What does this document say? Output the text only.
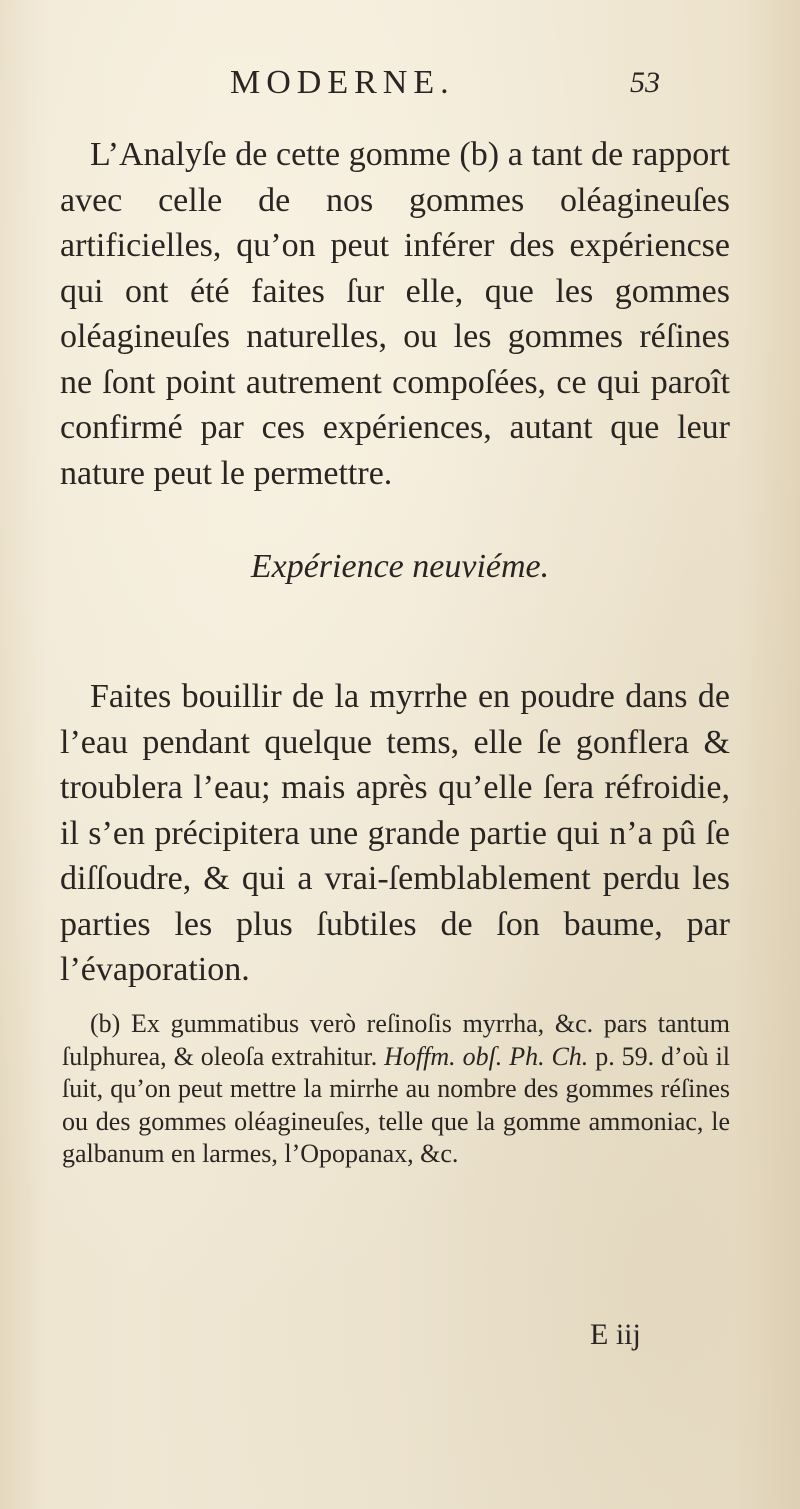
MODERNE.	53

L’Analyſe de cette gomme (b) a tant de rapport avec celle de nos gommes oléagineuſes artificielles, qu’on peut inférer des expériencse qui ont été faites ſur elle, que les gommes oléagineuſes naturelles, ou les gommes réſines ne ſont point autrement compoſées, ce qui paroît confirmé par ces expériences, autant que leur nature peut le permettre.

Expérience neuviéme.

Faites bouillir de la myrrhe en poudre dans de l’eau pendant quelque tems, elle ſe gonflera & troublera l’eau; mais après qu’elle ſera réfroidie, il s’en précipitera une grande partie qui n’a pû ſe diſſoudre, & qui a vrai-ſemblablement perdu les parties les plus ſubtiles de ſon baume, par l’évaporation.

(b) Ex gummatibus verò reſinoſis myrrha, &c. pars tantum ſulphurea, & oleoſa extrahitur. Hoffm. obſ. Ph. Ch. p. 59. d’où il ſuit, qu’on peut mettre la mirrhe au nombre des gommes réſines ou des gommes oléagineuſes, telle que la gomme ammoniac, le galbanum en larmes, l’Opopanax, &c.
E iij
